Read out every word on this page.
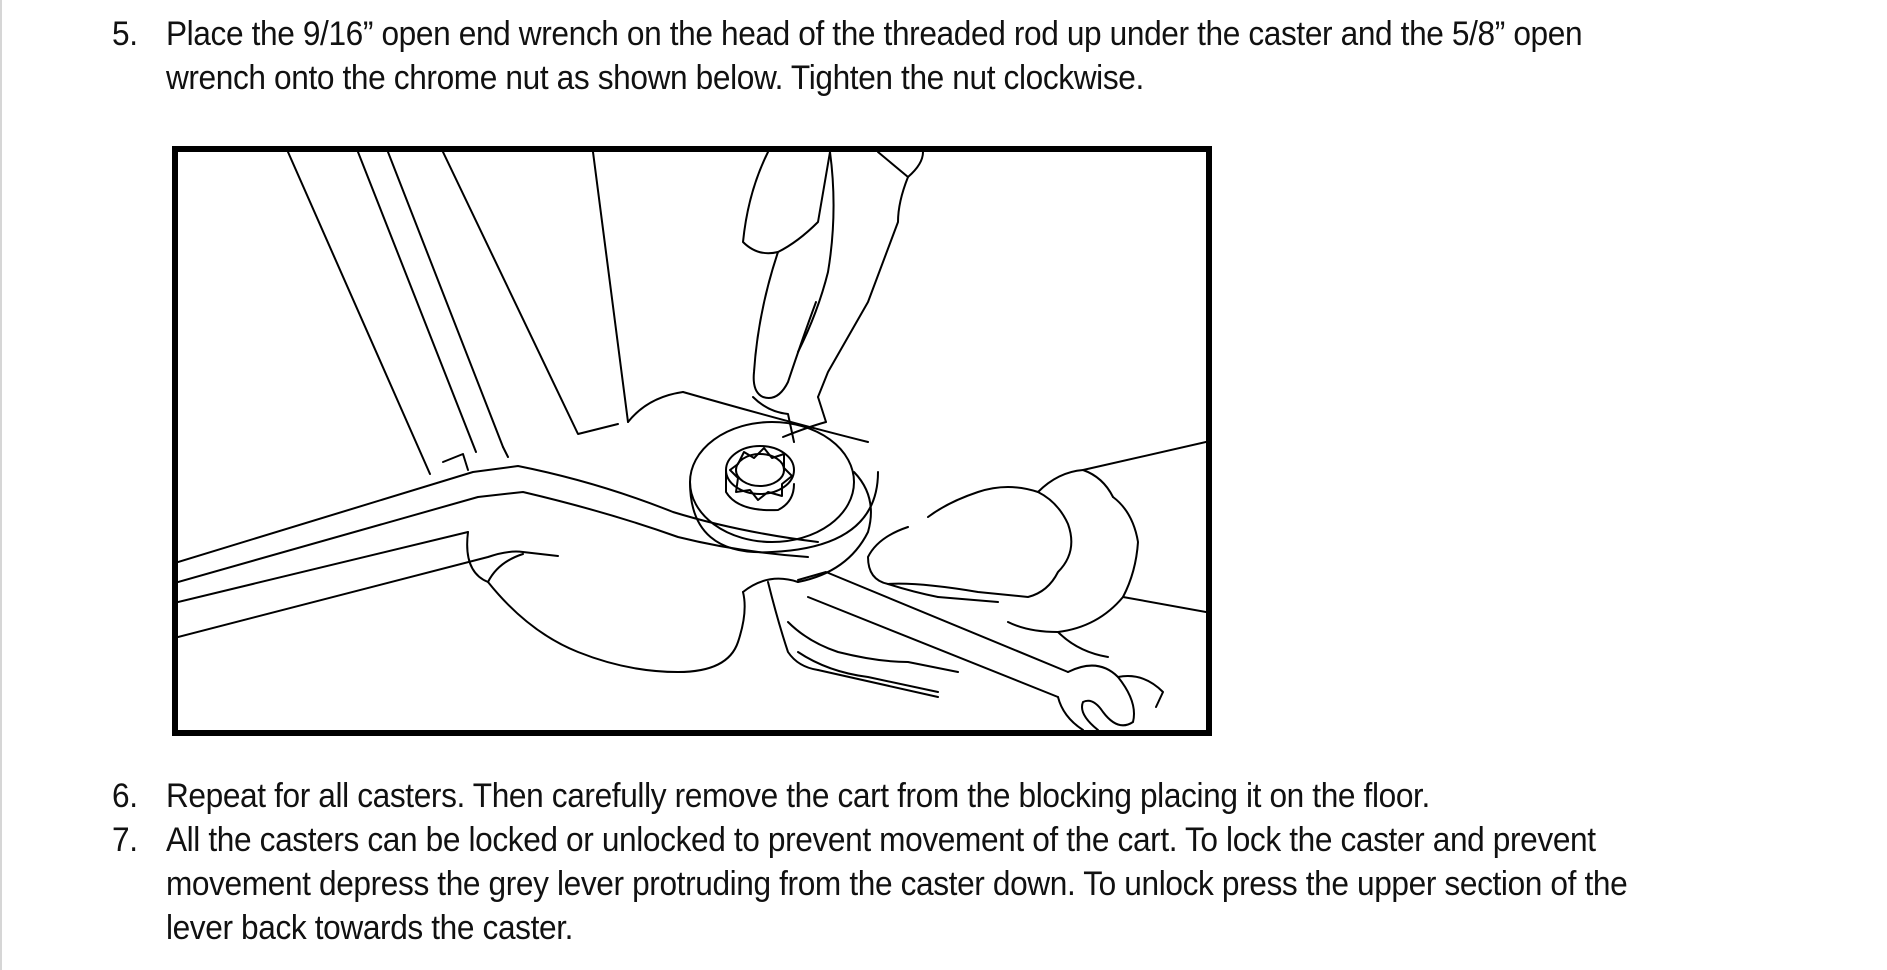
5. Place the 9/16” open end wrench on the head of the threaded rod up under the caster and the 5/8” open
wrench onto the chrome nut as shown below. Tighten the nut clockwise.
6. Repeat for all casters. Then carefully remove the cart from the blocking placing it on the floor.
7. All the casters can be locked or unlocked to prevent movement of the cart. To lock the caster and prevent
movement depress the grey lever protruding from the caster down. To unlock press the upper section of the
lever back towards the caster.
